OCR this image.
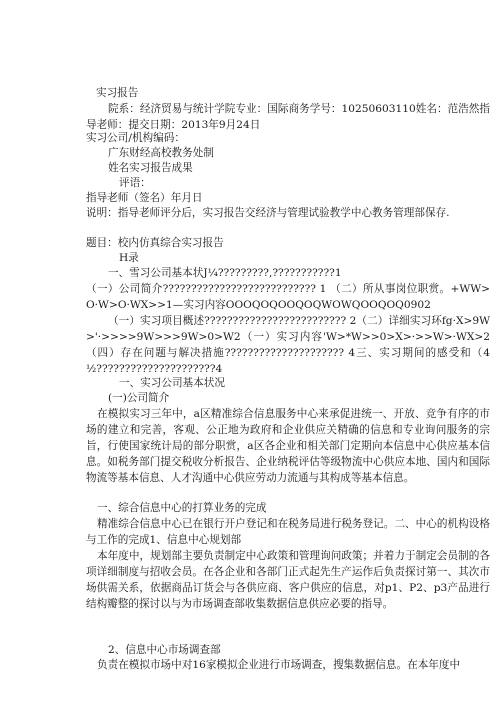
实习报告
院系：经济贸易与统计学院专业：国际商务学号：10250603110姓名：范浩然指导老师：提交日期：2013年9月24日
实习公司/机构编码：
广东财经高校教务处制
姓名实习报告成果
评语：
指导老师（签名）年月日
说明：指导老师评分后，实习报告交经济与管理试验教学中心教务管理部保存.
题目：校内仿真综合实习报告
H录
一、雪习公司基本状J¼?????????,???????????1
（一）公司简介??????????????????????????? 1 （二）所从事岗位职赏。+WW>O·W>O·WX>>1—实习内容OOOQOQOOQOQWOWQOOQOQ0902
（一）实习项目概述????????????????????????? 2（二）详细实习环fg·X>9W>'·>>>>9W>>>9W>0>W2（一）实习内容'W>*W>>0>X>·>>W>·WX>2（四）存在问题与解决措施????????????????????? 4三、实习期间的感受和（4½?????????????????????4
一、实习公司基本状况
(一)公司简介
在模拟实习三年中，a区精准综合信息服务中心来承促进统一、开放、竞争有序的市场的建立和完善，客观、公正地为政府和企业供应关精确的信息和专业询问服务的宗旨，行使国家统计局的部分职赏，a区各企业和相关部门定期向本信息中心供应基本信息。如税务部门提交税收分析报告、企业纳税评估等级物流中心供应本地、国内和国际物流等基本信息、人才沟通中心供应劳动力流通与其构成等基本信息。
一、综合信息中心的打算业务的完成
精准综合信息中心已在银行开户登记和在税务局进行税务登记。二、中心的机构设格与工作的完成1、信息中心规划部
本年度中，规划部主要负责制定中心政策和管理询问政策；并着力于制定会员制的各项详细制度与招收会员。在各企业和各部门正式起先生产运作后负责探讨第一、其次市场供需关系，依据商品订货会与各供应商、客户供应的信息，对p1、P2、p3产品进行结构瓣整的探讨以与为市场调查部收集数据信息供应必要的指导。
2、信息中心市场调查部
负责在模拟市场中对16家模拟企业进行市场调查，搜集数据信息。在本年度中
